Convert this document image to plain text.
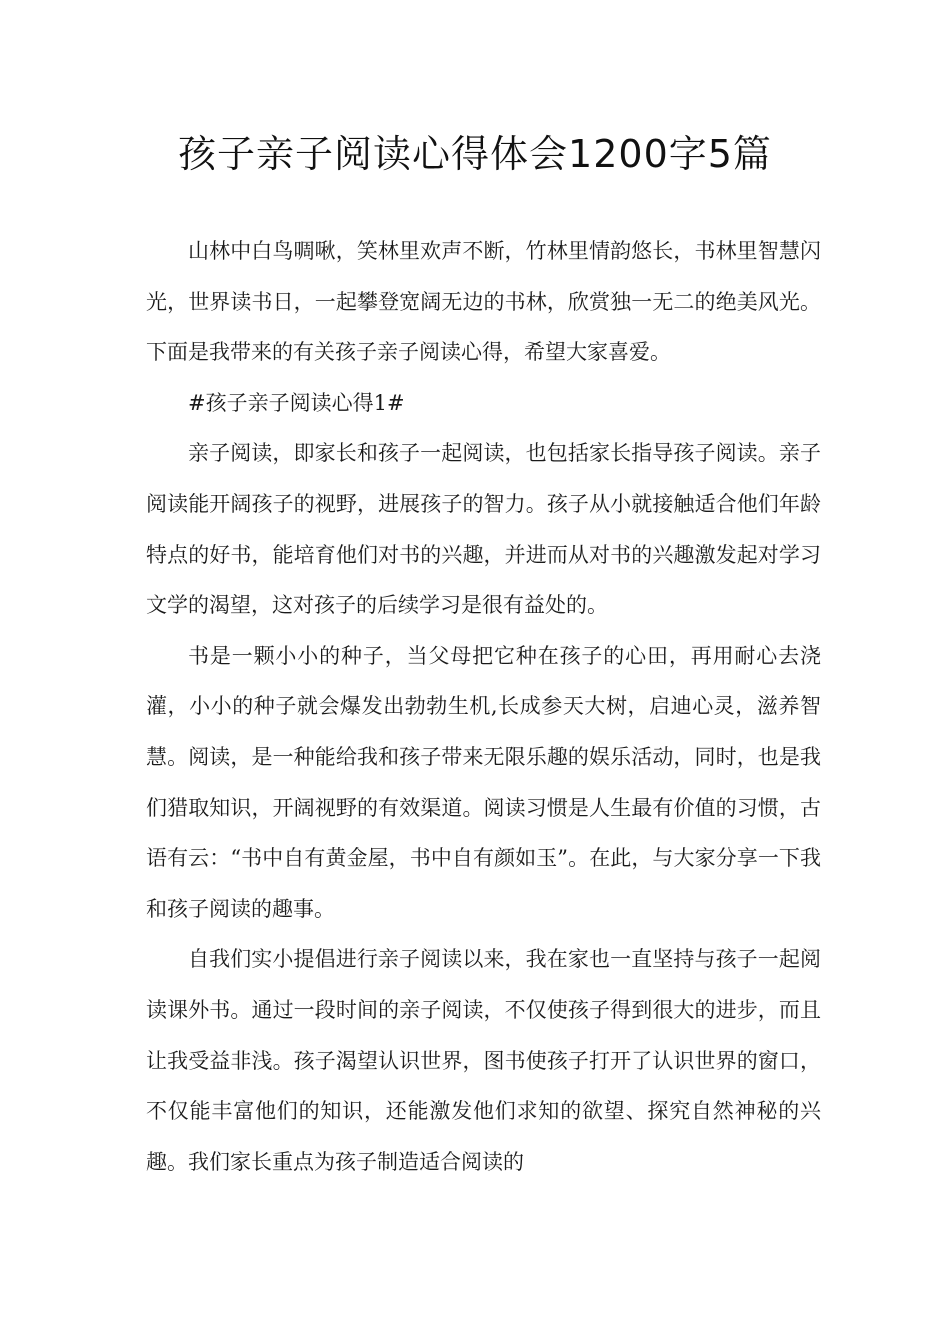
孩子亲子阅读心得体会1200字5篇

山林中白鸟啁啾，笑林里欢声不断，竹林里情韵悠长，书林里智慧闪光，世界读书日，一起攀登宽阔无边的书林，欣赏独一无二的绝美风光。下面是我带来的有关孩子亲子阅读心得，希望大家喜爱。

#孩子亲子阅读心得1#

亲子阅读，即家长和孩子一起阅读，也包括家长指导孩子阅读。亲子阅读能开阔孩子的视野，进展孩子的智力。孩子从小就接触适合他们年龄特点的好书，能培育他们对书的兴趣，并进而从对书的兴趣激发起对学习文学的渴望，这对孩子的后续学习是很有益处的。

书是一颗小小的种子，当父母把它种在孩子的心田，再用耐心去浇灌，小小的种子就会爆发出勃勃生机,长成参天大树，启迪心灵，滋养智慧。阅读，是一种能给我和孩子带来无限乐趣的娱乐活动，同时，也是我们猎取知识，开阔视野的有效渠道。阅读习惯是人生最有价值的习惯，古语有云：“书中自有黄金屋，书中自有颜如玉”。在此，与大家分享一下我和孩子阅读的趣事。

自我们实小提倡进行亲子阅读以来，我在家也一直坚持与孩子一起阅读课外书。通过一段时间的亲子阅读，不仅使孩子得到很大的进步，而且让我受益非浅。孩子渴望认识世界，图书使孩子打开了认识世界的窗口，不仅能丰富他们的知识，还能激发他们求知的欲望、探究自然神秘的兴趣。我们家长重点为孩子制造适合阅读的
